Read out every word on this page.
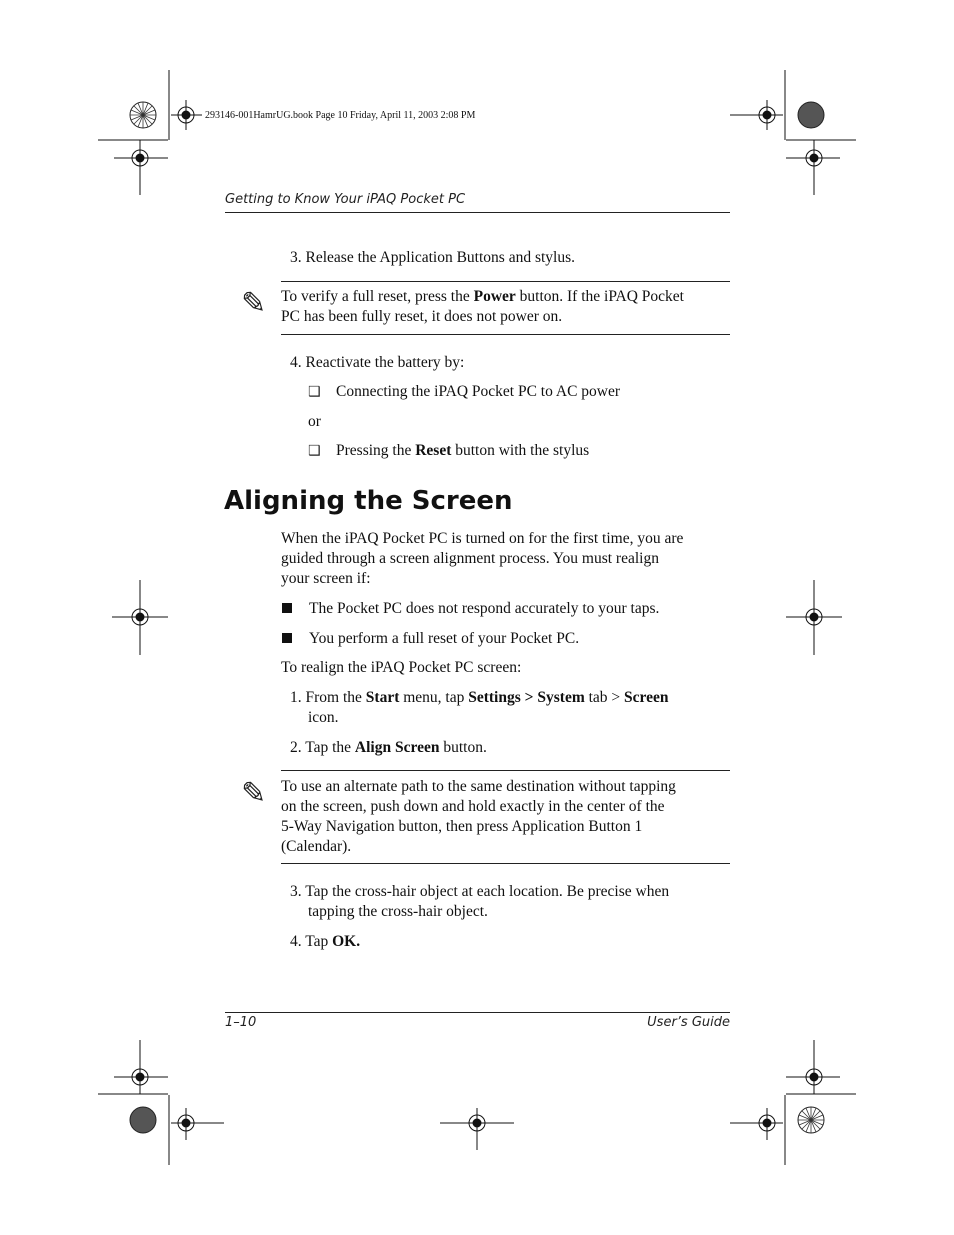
293146-001HamrUG.book Page 10 Friday, April 11, 2003 2:08 PM
Getting to Know Your iPAQ Pocket PC
3. Release the Application Buttons and stylus.
✎ To verify a full reset, press the Power button. If the iPAQ Pocket
PC has been fully reset, it does not power on.
4. Reactivate the battery by:
❑ Connecting the iPAQ Pocket PC to AC power
or
❑ Pressing the Reset button with the stylus
Aligning the Screen
When the iPAQ Pocket PC is turned on for the first time, you are
guided through a screen alignment process. You must realign
your screen if:
The Pocket PC does not respond accurately to your taps.
You perform a full reset of your Pocket PC.
To realign the iPAQ Pocket PC screen:
1. From the Start menu, tap Settings > System tab > Screen
icon.
2. Tap the Align Screen button.
✎ To use an alternate path to the same destination without tapping
on the screen, push down and hold exactly in the center of the
5-Way Navigation button, then press Application Button 1
(Calendar).
3. Tap the cross-hair object at each location. Be precise when
tapping the cross-hair object.
4. Tap OK.
1–10	User’s Guide
